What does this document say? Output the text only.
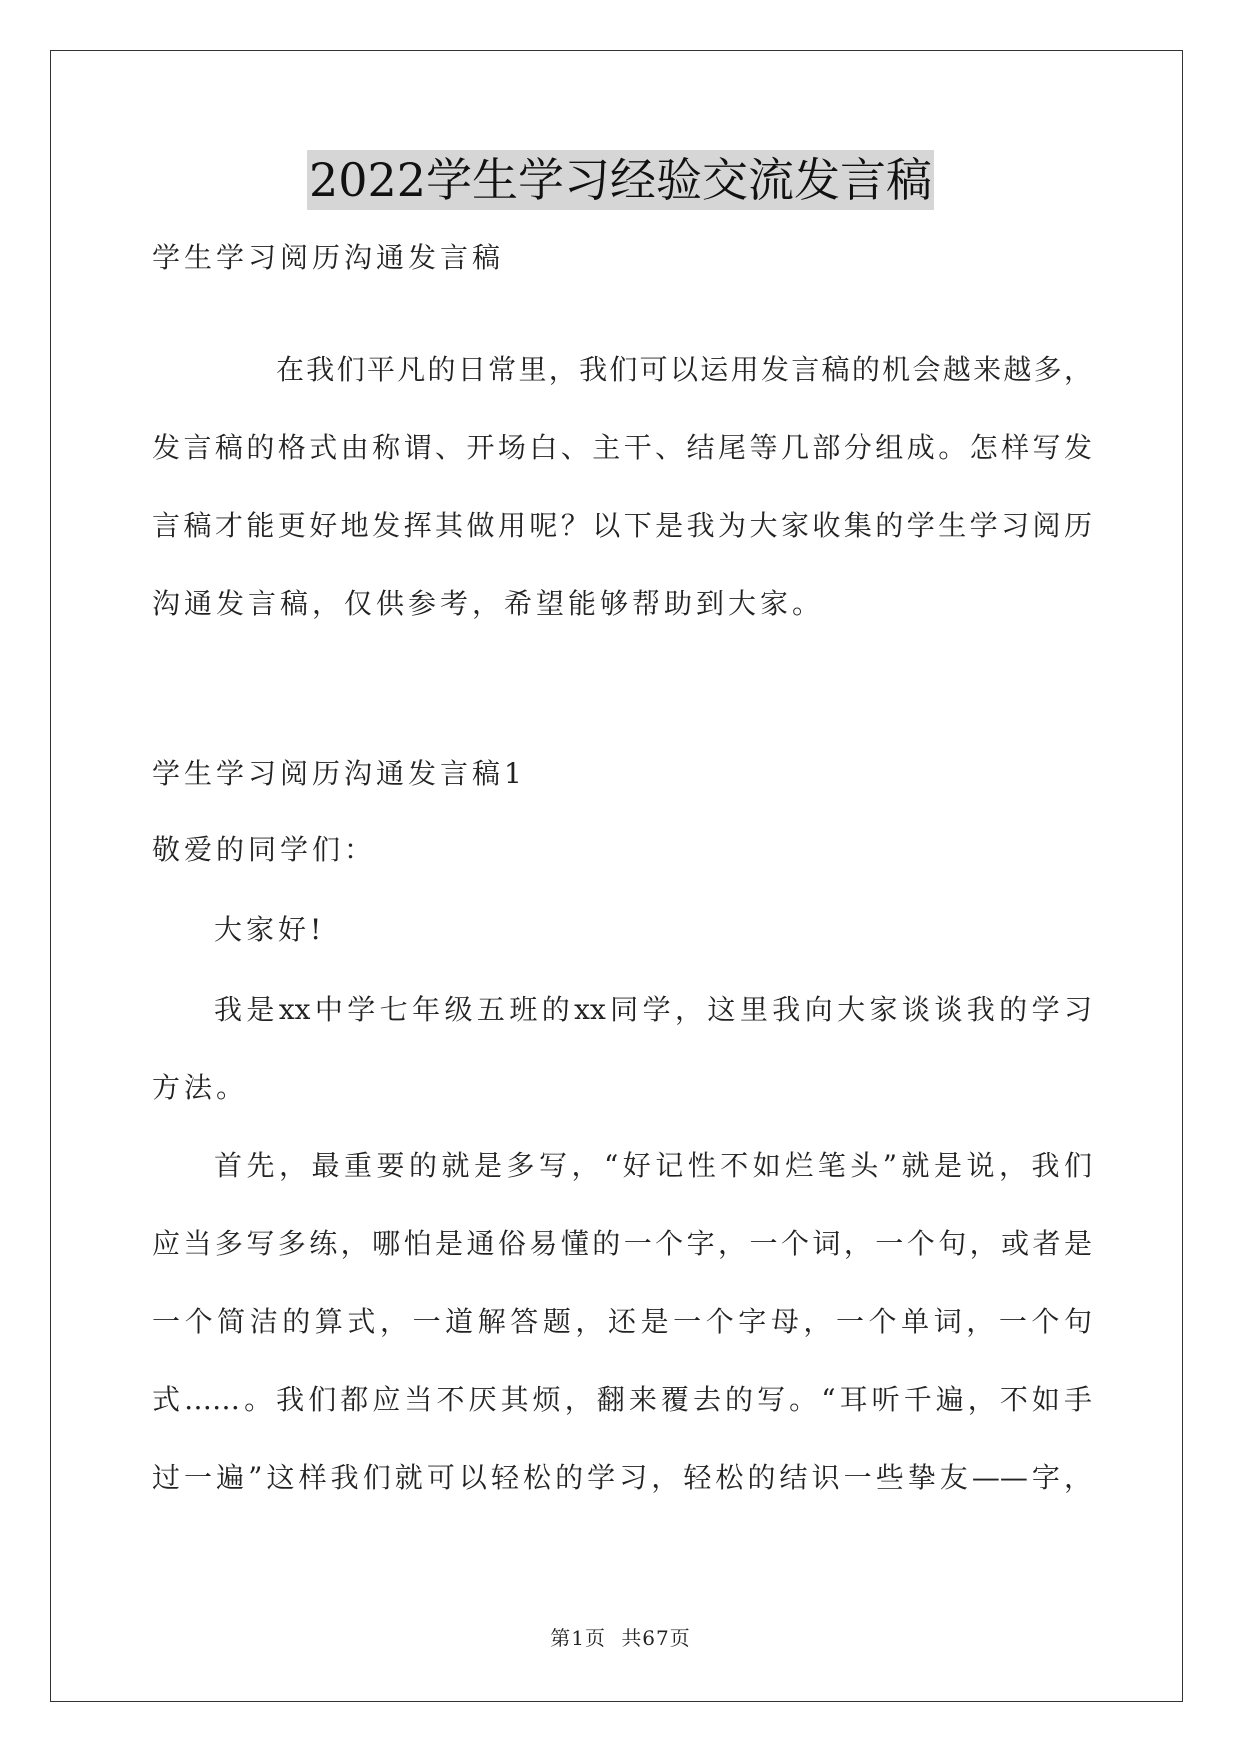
2022学生学习经验交流发言稿
学生学习阅历沟通发言稿
在我们平凡的日常里，我们可以运用发言稿的机会越来越多，
发言稿的格式由称谓、开场白、主干、结尾等几部分组成。怎样写发
言稿才能更好地发挥其做用呢？以下是我为大家收集的学生学习阅历
沟通发言稿，仅供参考，希望能够帮助到大家。
学生学习阅历沟通发言稿1
敬爱的同学们：
大家好!
我是xx中学七年级五班的xx同学，这里我向大家谈谈我的学习
方法。
首先，最重要的就是多写，“好记性不如烂笔头”就是说，我们
应当多写多练，哪怕是通俗易懂的一个字，一个词，一个句，或者是
一个简洁的算式，一道解答题，还是一个字母，一个单词，一个句
式……。我们都应当不厌其烦，翻来覆去的写。“耳听千遍，不如手
过一遍”这样我们就可以轻松的学习，轻松的结识一些挚友——字，
第1页 共67页
